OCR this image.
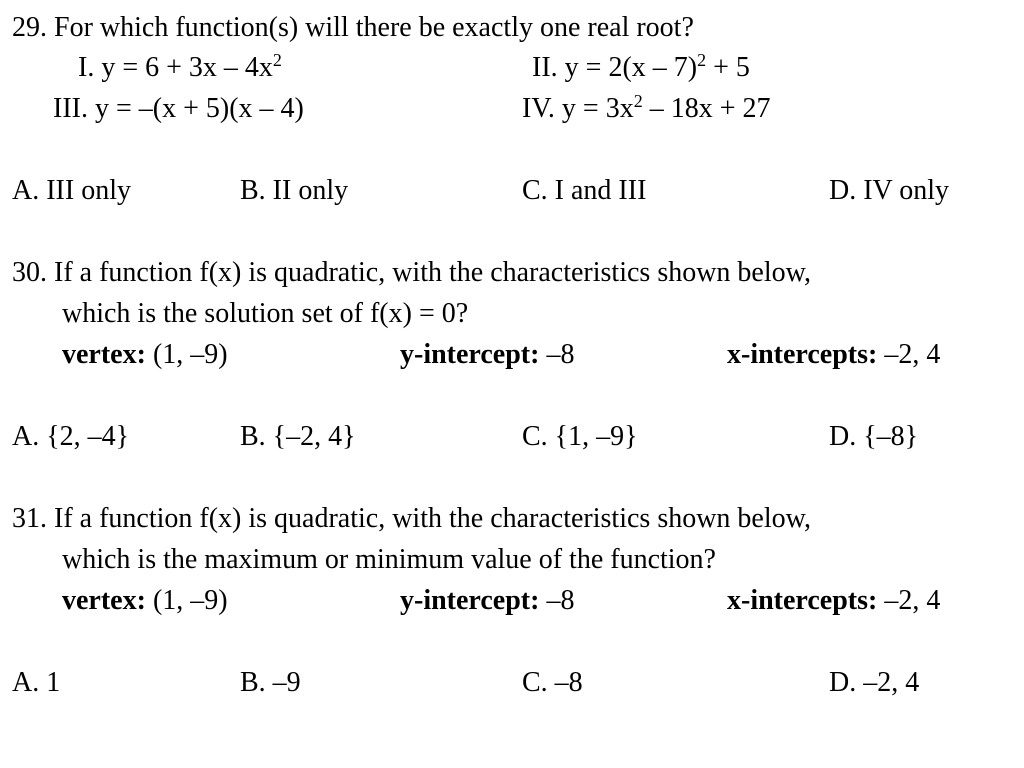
29. For which function(s) will there be exactly one real root?
I. $y = 6 + 3x - 4x^2$	II. y = 2(x – 7)$^2$ + 5
III. y = –(x + 5)(x – 4)	IV. $y = 3x^2 - 18x + 27$
A. III only	B. II only	C. I and III	D. IV only
30. If a function f(x) is quadratic, with the characteristics shown below,
which is the solution set of f(x) = 0?
vertex: (1, –9)	y-intercept: –8	x-intercepts: –2, 4
A. {2, –4}	B. {–2, 4}	C. {1, –9}	D. {–8}
31. If a function f(x) is quadratic, with the characteristics shown below,
which is the maximum or minimum value of the function?
vertex: (1, –9)	y-intercept: –8	x-intercepts: –2, 4
A. 1	B. –9	C. –8	D. –2, 4
